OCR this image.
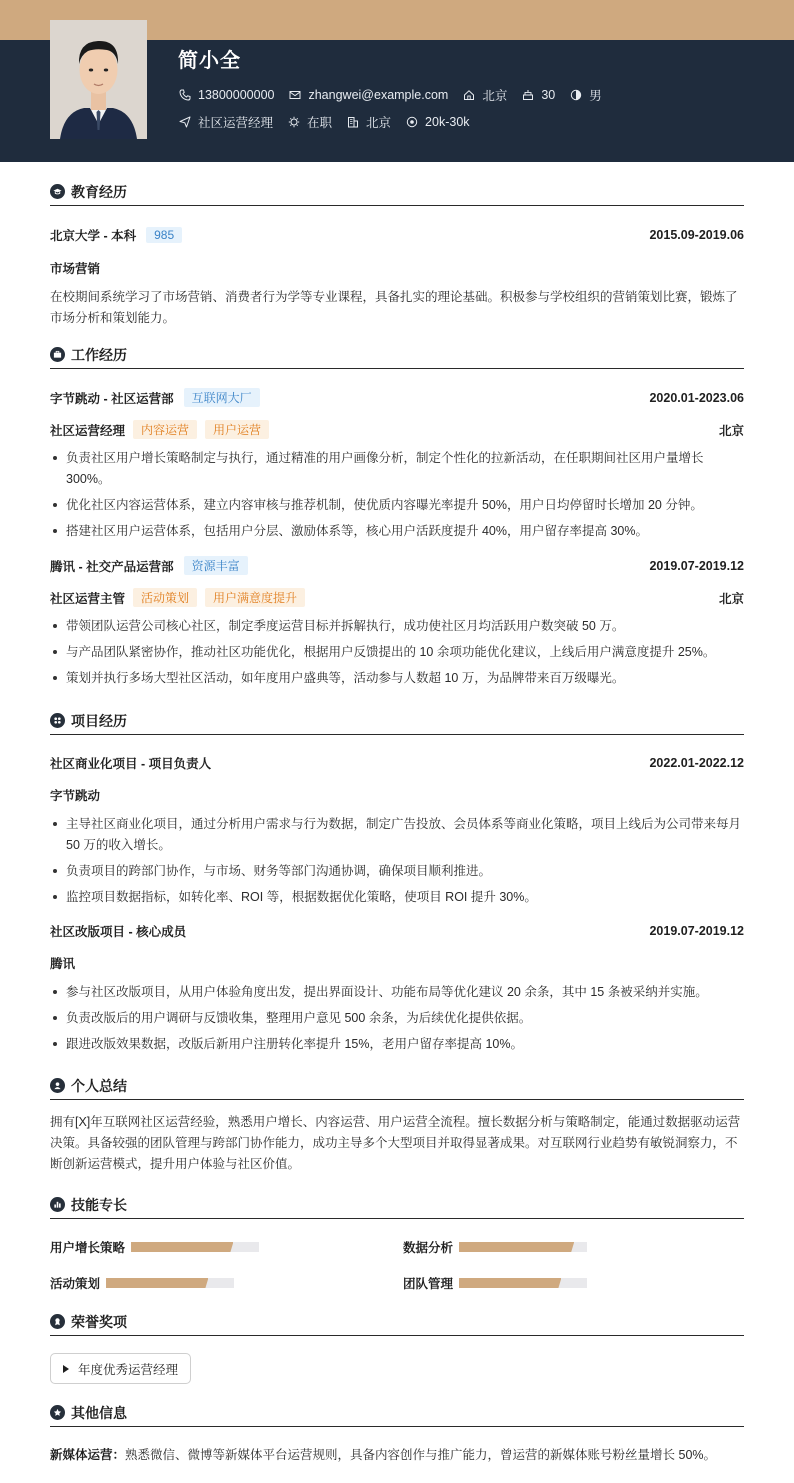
简小全
13800000000	zhangwei@example.com	北京	30	男
社区运营经理	在职	北京	20k-30k
教育经历
北京大学 - 本科	985	2015.09-2019.06
市场营销
在校期间系统学习了市场营销、消费者行为学等专业课程，具备扎实的理论基础。积极参与学校组织的营销策划比赛，锻炼了市场分析和策划能力。
工作经历
字节跳动 - 社区运营部	互联网大厂	2020.01-2023.06
社区运营经理	内容运营	用户运营	北京
负责社区用户增长策略制定与执行，通过精准的用户画像分析，制定个性化的拉新活动，在任职期间社区用户量增长 300%。
优化社区内容运营体系，建立内容审核与推荐机制，使优质内容曝光率提升 50%，用户日均停留时长增加 20 分钟。
搭建社区用户运营体系，包括用户分层、激励体系等，核心用户活跃度提升 40%，用户留存率提高 30%。
腾讯 - 社交产品运营部	资源丰富	2019.07-2019.12
社区运营主管	活动策划	用户满意度提升	北京
带领团队运营公司核心社区，制定季度运营目标并拆解执行，成功使社区月均活跃用户数突破 50 万。
与产品团队紧密协作，推动社区功能优化，根据用户反馈提出的 10 余项功能优化建议，上线后用户满意度提升 25%。
策划并执行多场大型社区活动，如年度用户盛典等，活动参与人数超 10 万，为品牌带来百万级曝光。
项目经历
社区商业化项目 - 项目负责人	2022.01-2022.12
字节跳动
主导社区商业化项目，通过分析用户需求与行为数据，制定广告投放、会员体系等商业化策略，项目上线后为公司带来每月 50 万的收入增长。
负责项目的跨部门协作，与市场、财务等部门沟通协调，确保项目顺利推进。
监控项目数据指标，如转化率、ROI 等，根据数据优化策略，使项目 ROI 提升 30%。
社区改版项目 - 核心成员	2019.07-2019.12
腾讯
参与社区改版项目，从用户体验角度出发，提出界面设计、功能布局等优化建议 20 余条，其中 15 条被采纳并实施。
负责改版后的用户调研与反馈收集，整理用户意见 500 余条，为后续优化提供依据。
跟进改版效果数据，改版后新用户注册转化率提升 15%，老用户留存率提高 10%。
个人总结
拥有[X]年互联网社区运营经验，熟悉用户增长、内容运营、用户运营全流程。擅长数据分析与策略制定，能通过数据驱动运营决策。具备较强的团队管理与跨部门协作能力，成功主导多个大型项目并取得显著成果。对互联网行业趋势有敏锐洞察力，不断创新运营模式，提升用户体验与社区价值。
技能专长
用户增长策略	数据分析
活动策划	团队管理
荣誉奖项
年度优秀运营经理
其他信息
新媒体运营：熟悉微信、微博等新媒体平台运营规则，具备内容创作与推广能力，曾运营的新媒体账号粉丝量增长 50%。
